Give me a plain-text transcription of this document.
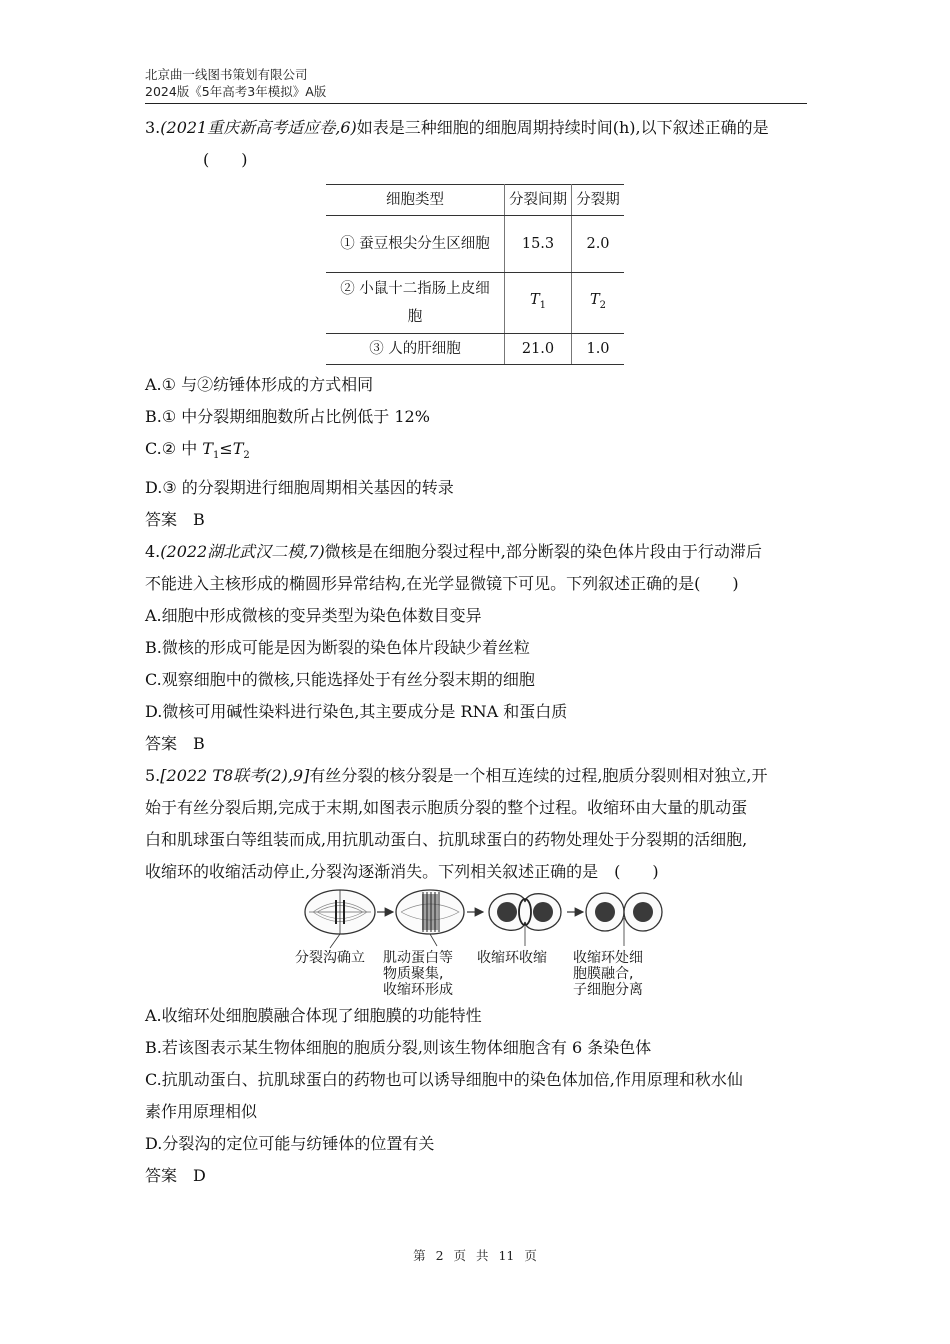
北京曲一线图书策划有限公司
2024版《5年高考3年模拟》A版

3.(2021重庆新高考适应卷,6)如表是三种细胞的细胞周期持续时间(h),以下叙述正确的是

(　　)

细胞类型	分裂间期	分裂期
① 蚕豆根尖分生区细胞	15.3	2.0
② 小鼠十二指肠上皮细
胞	$T_1$	$T_2$
③ 人的肝细胞	21.0	1.0

A.① 与②纺锤体形成的方式相同

B.① 中分裂期细胞数所占比例低于 12%

C.② 中 $T_1\le T_2$

D.③ 的分裂期进行细胞周期相关基因的转录

答案　B

4.(2022湖北武汉二模,7)微核是在细胞分裂过程中,部分断裂的染色体片段由于行动滞后

不能进入主核形成的椭圆形异常结构,在光学显微镜下可见。下列叙述正确的是(　　)

A.细胞中形成微核的变异类型为染色体数目变异

B.微核的形成可能是因为断裂的染色体片段缺少着丝粒

C.观察细胞中的微核,只能选择处于有丝分裂末期的细胞

D.微核可用碱性染料进行染色,其主要成分是 RNA 和蛋白质

答案　B

5.[2022 T8联考(2),9]有丝分裂的核分裂是一个相互连续的过程,胞质分裂则相对独立,开

始于有丝分裂后期,完成于末期,如图表示胞质分裂的整个过程。收缩环由大量的肌动蛋

白和肌球蛋白等组装而成,用抗肌动蛋白、抗肌球蛋白的药物处理处于分裂期的活细胞,

收缩环的收缩活动停止,分裂沟逐渐消失。下列相关叙述正确的是　(　　)

分裂沟确立 肌动蛋白等
物质聚集,
收缩环形成
收缩环收缩 收缩环处细
胞膜融合,
子细胞分离

A.收缩环处细胞膜融合体现了细胞膜的功能特性

B.若该图表示某生物体细胞的胞质分裂,则该生物体细胞含有 6 条染色体

C.抗肌动蛋白、抗肌球蛋白的药物也可以诱导细胞中的染色体加倍,作用原理和秋水仙

素作用原理相似

D.分裂沟的定位可能与纺锤体的位置有关

答案　D

第 2 页 共 11 页
